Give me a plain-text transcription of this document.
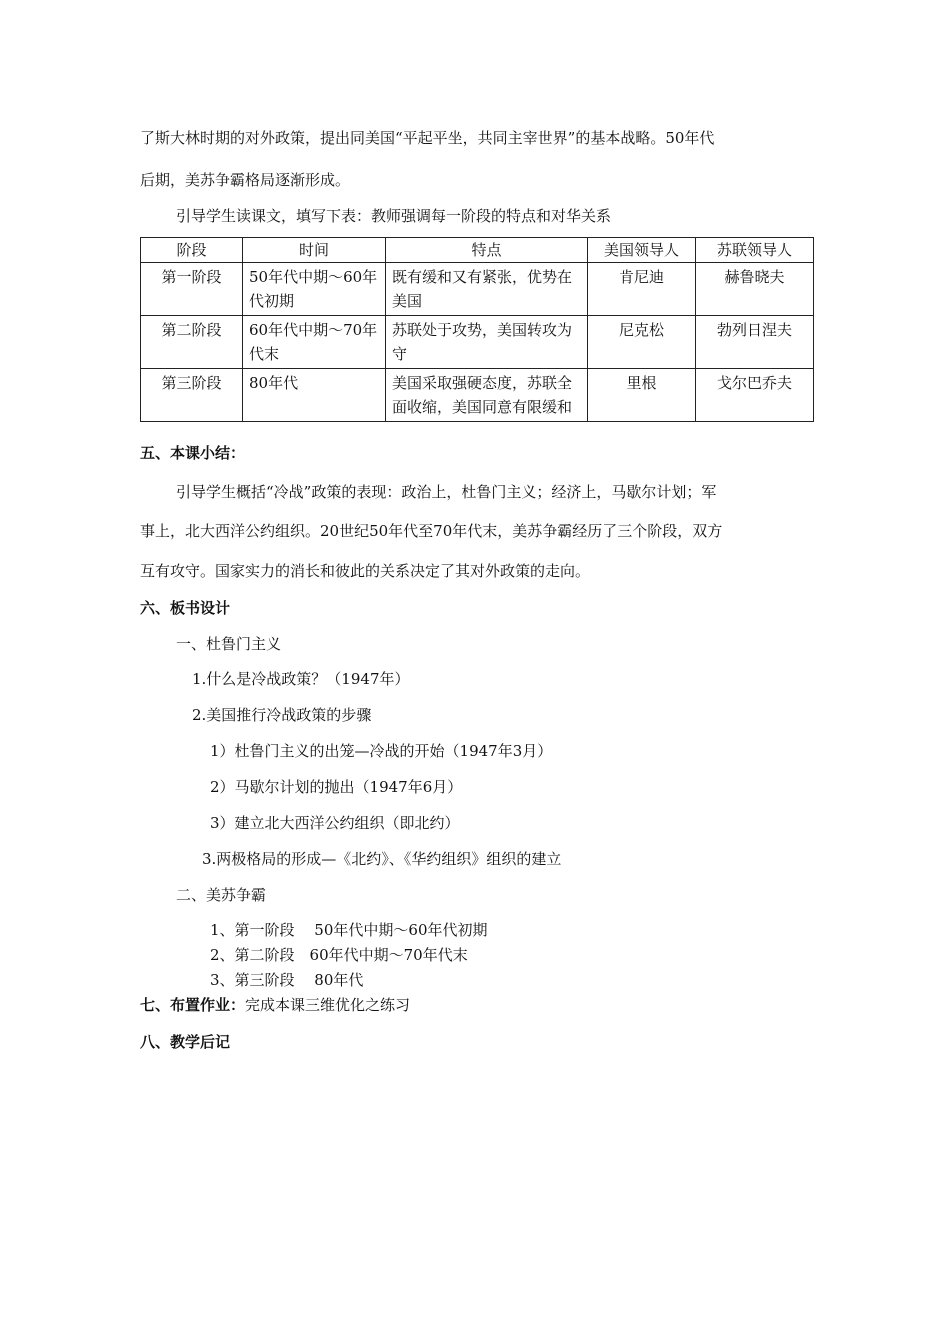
了斯大林时期的对外政策，提出同美国“平起平坐，共同主宰世界”的基本战略。50年代
后期，美苏争霸格局逐渐形成。
引导学生读课文，填写下表：教师强调每一阶段的特点和对华关系
阶段	时间	特点	美国领导人	苏联领导人
第一阶段	50年代中期～60年代初期	既有缓和又有紧张，优势在美国	肯尼迪	赫鲁晓夫
第二阶段	60年代中期～70年代末	苏联处于攻势，美国转攻为守	尼克松	勃列日涅夫
第三阶段	80年代	美国采取强硬态度，苏联全面收缩，美国同意有限缓和	里根	戈尔巴乔夫
五、本课小结：
引导学生概括“冷战”政策的表现：政治上，杜鲁门主义；经济上，马歇尔计划；军
事上，北大西洋公约组织。20世纪50年代至70年代末，美苏争霸经历了三个阶段，双方
互有攻守。国家实力的消长和彼此的关系决定了其对外政策的走向。
六、板书设计
一、杜鲁门主义
1.什么是冷战政策？（1947年）
2.美国推行冷战政策的步骤
1）杜鲁门主义的出笼—冷战的开始（1947年3月）
2）马歇尔计划的抛出（1947年6月）
3）建立北大西洋公约组织（即北约）
3.两极格局的形成—《北约》、《华约组织》组织的建立
二、美苏争霸
1、第一阶段　 50年代中期～60年代初期
2、第二阶段　60年代中期～70年代末
3、第三阶段　 80年代
七、布置作业：完成本课三维优化之练习
八、教学后记
